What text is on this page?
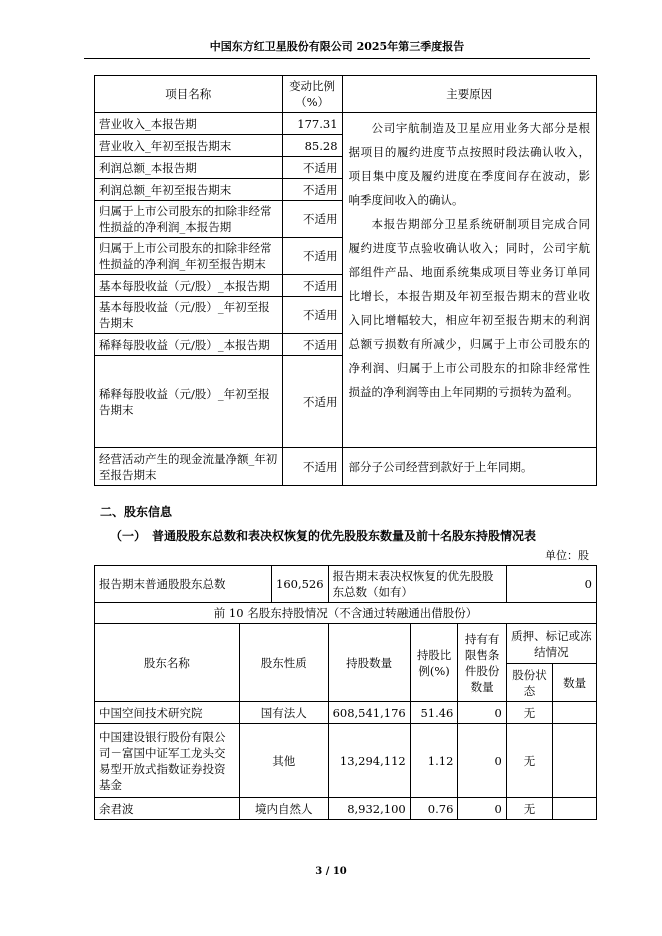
中国东方红卫星股份有限公司 2025年第三季度报告
项目名称	变动比例（%）	主要原因
营业收入_本报告期	177.31	公司宇航制造及卫星应用业务大部分是根据项目的履约进度节点按照时段法确认收入，项目集中度及履约进度在季度间存在波动，影响季度间收入的确认。

本报告期部分卫星系统研制项目完成合同履约进度节点验收确认收入；同时，公司宇航部组件产品、地面系统集成项目等业务订单同比增长，本报告期及年初至报告期末的营业收入同比增幅较大，相应年初至报告期末的利润总额亏损数有所减少，归属于上市公司股东的净利润、归属于上市公司股东的扣除非经常性损益的净利润等由上年同期的亏损转为盈利。

营业收入_年初至报告期末	85.28	
利润总额_本报告期	不适用	
利润总额_年初至报告期末	不适用	
归属于上市公司股东的扣除非经常性损益的净利润_本报告期	不适用	
归属于上市公司股东的扣除非经常性损益的净利润_年初至报告期末	不适用	
基本每股收益（元/股）_本报告期	不适用	
基本每股收益（元/股）_年初至报告期末	不适用	
稀释每股收益（元/股）_本报告期	不适用	
稀释每股收益（元/股）_年初至报告期末	不适用	
经营活动产生的现金流量净额_年初至报告期末	不适用	部分子公司经营到款好于上年同期。
二、股东信息
（一）　普通股股东总数和表决权恢复的优先股股东数量及前十名股东持股情况表
单位：股
报告期末普通股股东总数		160,526	报告期末表决权恢复的优先股股东总数（如有）			0	
前 10 名股东持股情况（不含通过转融通出借股份）							
股东名称	股东性质		持股数量	持股比例(%)	持有有限售条件股份数量	质押、标记或冻结情况	
						股份状态	数量
中国空间技术研究院	国有法人		608,541,176	51.46	0	无	
中国建设银行股份有限公司－富国中证军工龙头交易型开放式指数证券投资基金	其他		13,294,112	1.12	0	无	
余君波	境内自然人		8,932,100	0.76	0	无	
3 / 10
